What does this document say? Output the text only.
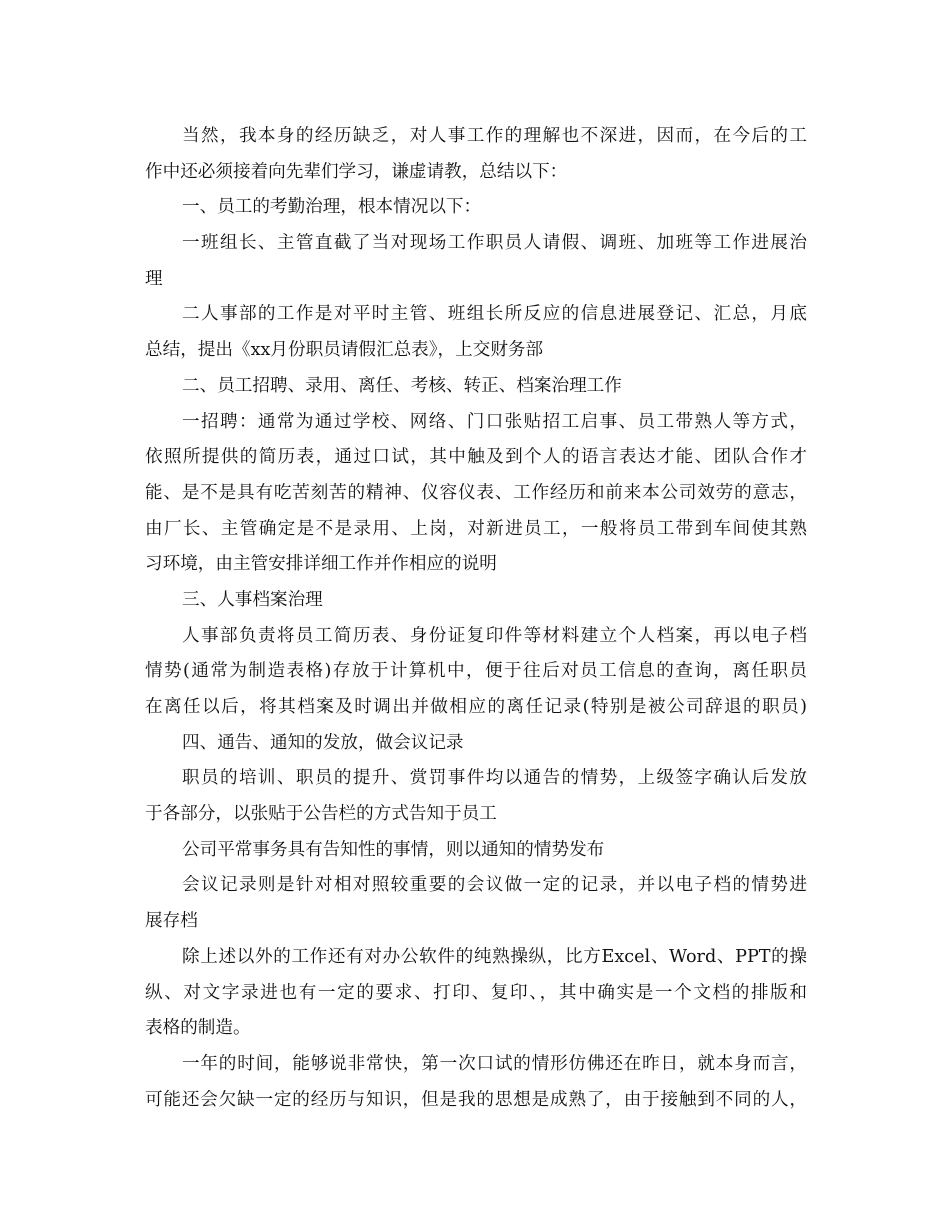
当然，我本身的经历缺乏，对人事工作的理解也不深进，因而，在今后的工
作中还必须接着向先辈们学习，谦虚请教，总结以下：
一、员工的考勤治理，根本情况以下：
一班组长、主管直截了当对现场工作职员人请假、调班、加班等工作进展治
理
二人事部的工作是对平时主管、班组长所反应的信息进展登记、汇总，月底
总结，提出《xx月份职员请假汇总表》，上交财务部
二、员工招聘、录用、离任、考核、转正、档案治理工作
一招聘：通常为通过学校、网络、门口张贴招工启事、员工带熟人等方式，
依照所提供的简历表，通过口试，其中触及到个人的语言表达才能、团队合作才
能、是不是具有吃苦刻苦的精神、仪容仪表、工作经历和前来本公司效劳的意志，
由厂长、主管确定是不是录用、上岗，对新进员工，一般将员工带到车间使其熟
习环境，由主管安排详细工作并作相应的说明
三、人事档案治理
人事部负责将员工简历表、身份证复印件等材料建立个人档案，再以电子档
情势(通常为制造表格)存放于计算机中，便于往后对员工信息的查询，离任职员
在离任以后，将其档案及时调出并做相应的离任记录(特别是被公司辞退的职员)
四、通告、通知的发放，做会议记录
职员的培训、职员的提升、赏罚事件均以通告的情势，上级签字确认后发放
于各部分，以张贴于公告栏的方式告知于员工
公司平常事务具有告知性的事情，则以通知的情势发布
会议记录则是针对相对照较重要的会议做一定的记录，并以电子档的情势进
展存档
除上述以外的工作还有对办公软件的纯熟操纵，比方Excel、Word、PPT的操
纵、对文字录进也有一定的要求、打印、复印、，其中确实是一个文档的排版和
表格的制造。
一年的时间，能够说非常快，第一次口试的情形仿佛还在昨日，就本身而言，
可能还会欠缺一定的经历与知识，但是我的思想是成熟了，由于接触到不同的人，
